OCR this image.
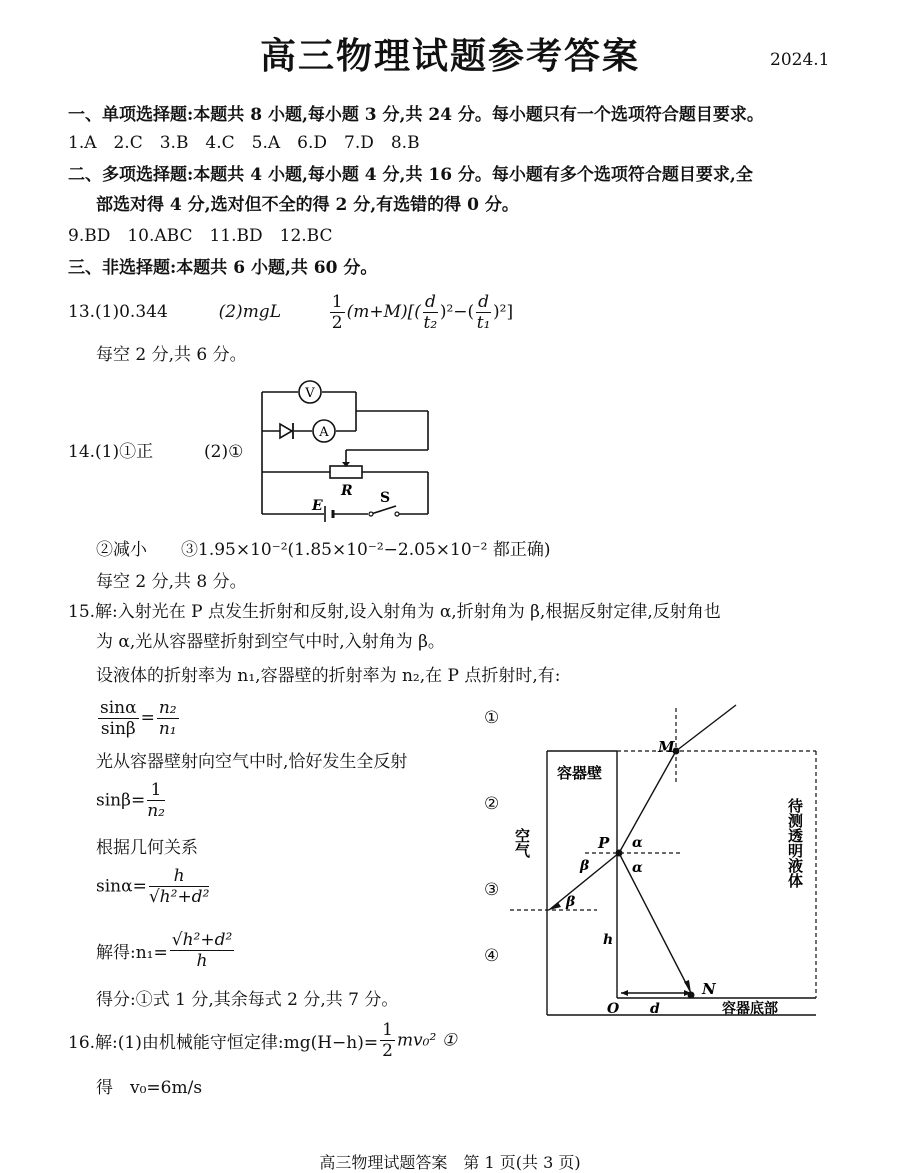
高三物理试题参考答案	2024.1
一、单项选择题:本题共 8 小题,每小题 3 分,共 24 分。每小题只有一个选项符合题目要求。
1.A　2.C　3.B　4.C　5.A　6.D　7.D　8.B
二、多项选择题:本题共 4 小题,每小题 4 分,共 16 分。每小题有多个选项符合题目要求,全
部选对得 4 分,选对但不全的得 2 分,有选错的得 0 分。
9.BD　10.ABC　11.BD　12.BC
三、非选择题:本题共 6 小题,共 60 分。
13.(1)0.344	(2)mgL	$\frac{1}{2} (m+M)[( \frac{d}{\text{t₂}} )^2-( \frac{d}{\text{t₁}} )^2]$
每空 2 分,共 6 分。
14.(1)①正	(2)①
V
A
R
E	S
②减小　　③1.95×10⁻²(1.85×10⁻²−2.05×10⁻² 都正确)
每空 2 分,共 8 分。
15.解:入射光在 P 点发生折射和反射,设入射角为 α,折射角为 β,根据反射定律,反射角也
为 α,光从容器壁折射到空气中时,入射角为 β。
设液体的折射率为 n₁,容器壁的折射率为 n₂,在 P 点折射时,有:
$\frac{\sin\alpha}{\sin\beta} = \frac{\text{n₂}}{\text{n₁}}$	①
光从容器壁射向空气中时,恰好发生全反射
$\sin\beta= \frac{1}{\text{n₂}}$	②
根据几何关系
$\sin\alpha= \frac{h}{\text{√h²+d²}}$	③
解得:n₁= $\frac{\text{√h²+d²}}{h}$	④
得分:①式 1 分,其余每式 2 分,共 7 分。
容器壁
空气	待测透明液体
容器底部
M
P
N
O
α
α
β
β
h
d
16.解:(1)由机械能守恒定律:mg(H−h)= $\frac{1}{2} mv_0^2$ ①
得　v₀=6m/s
高三物理试题答案　第 1 页(共 3 页)
